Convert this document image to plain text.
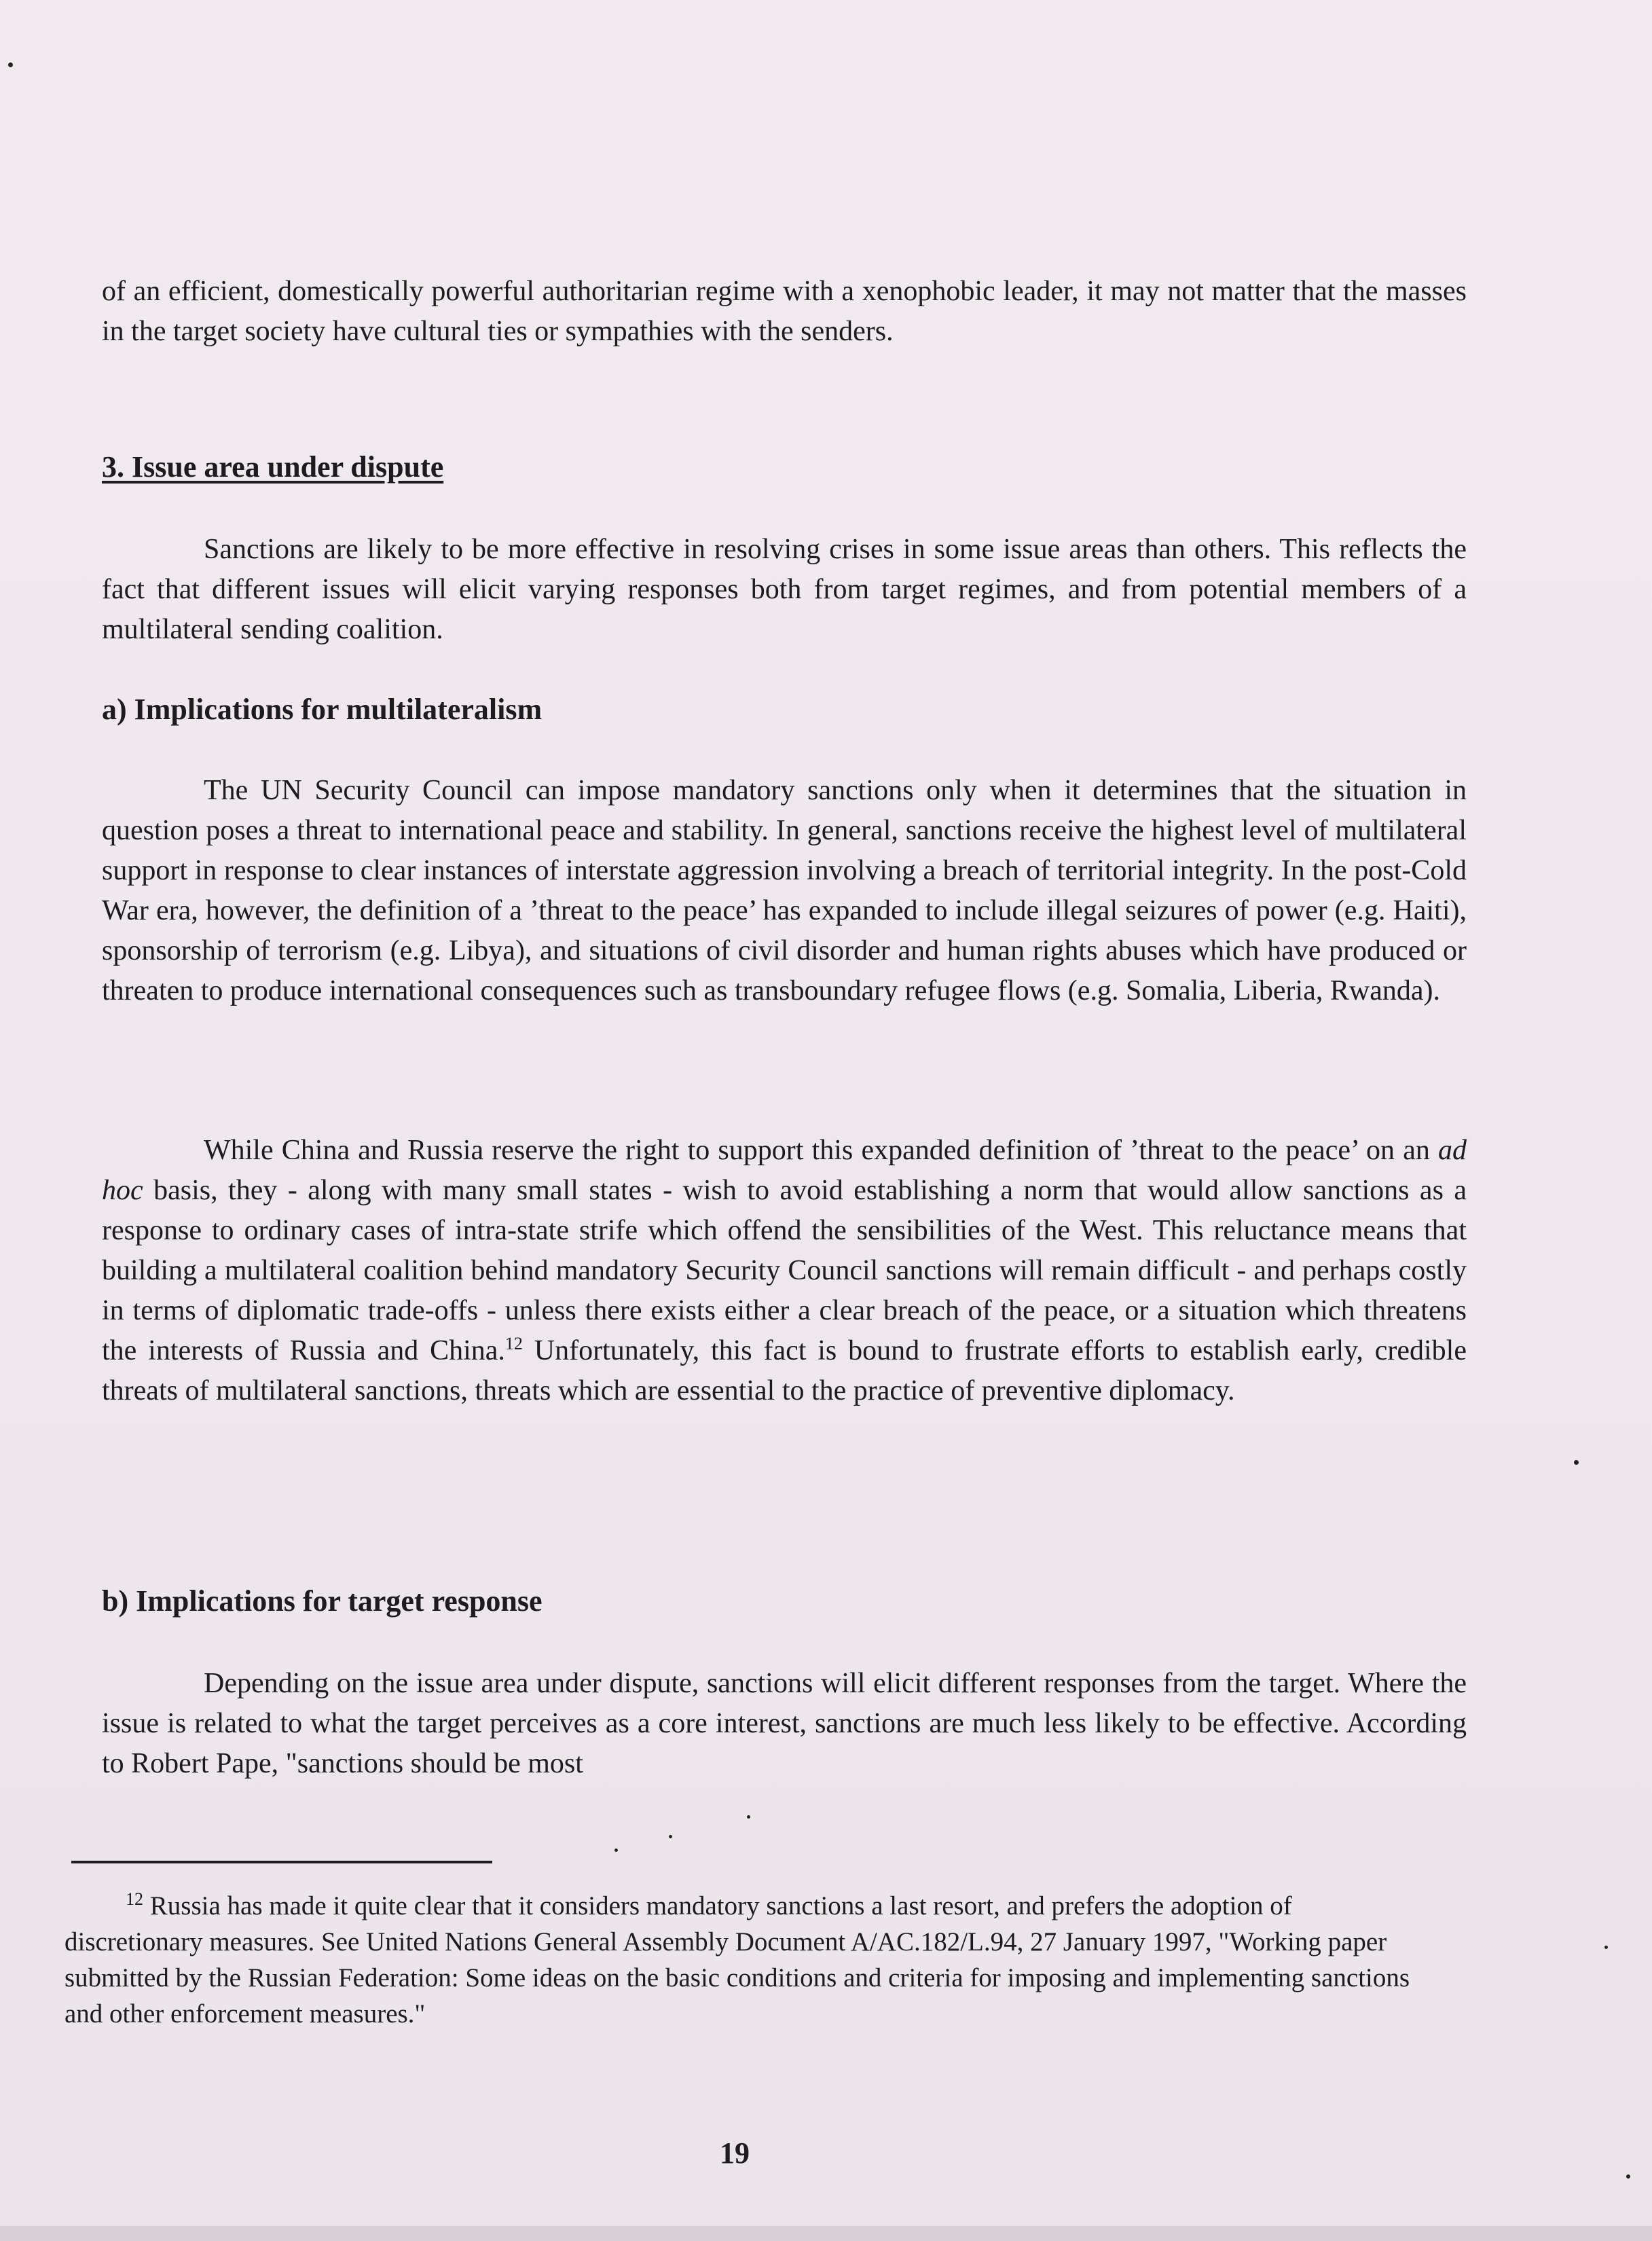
of an efficient, domestically powerful authoritarian regime with a xenophobic leader, it may not matter that the masses in the target society have cultural ties or sympathies with the senders.

3. Issue area under dispute

Sanctions are likely to be more effective in resolving crises in some issue areas than others. This reflects the fact that different issues will elicit varying responses both from target regimes, and from potential members of a multilateral sending coalition.

a) Implications for multilateralism

The UN Security Council can impose mandatory sanctions only when it determines that the situation in question poses a threat to international peace and stability. In general, sanctions receive the highest level of multilateral support in response to clear instances of interstate aggression involving a breach of territorial integrity. In the post-Cold War era, however, the definition of a ’threat to the peace’ has expanded to include illegal seizures of power (e.g. Haiti), sponsorship of terrorism (e.g. Libya), and situations of civil disorder and human rights abuses which have produced or threaten to produce international consequences such as transboundary refugee flows (e.g. Somalia, Liberia, Rwanda).

While China and Russia reserve the right to support this expanded definition of ’threat to the peace’ on an ad hoc basis, they - along with many small states - wish to avoid establishing a norm that would allow sanctions as a response to ordinary cases of intra-state strife which offend the sensibilities of the West. This reluctance means that building a multilateral coalition behind mandatory Security Council sanctions will remain difficult - and perhaps costly in terms of diplomatic trade-offs - unless there exists either a clear breach of the peace, or a situation which threatens the interests of Russia and China.$^{12}$ Unfortunately, this fact is bound to frustrate efforts to establish early, credible threats of multilateral sanctions, threats which are essential to the practice of preventive diplomacy.

b) Implications for target response

Depending on the issue area under dispute, sanctions will elicit different responses from the target. Where the issue is related to what the target perceives as a core interest, sanctions are much less likely to be effective. According to Robert Pape, "sanctions should be most

$^{12}$ Russia has made it quite clear that it considers mandatory sanctions a last resort, and prefers the adoption of discretionary measures. See United Nations General Assembly Document A/AC.182/L.94, 27 January 1997, "Working paper submitted by the Russian Federation: Some ideas on the basic conditions and criteria for imposing and implementing sanctions and other enforcement measures."

19
